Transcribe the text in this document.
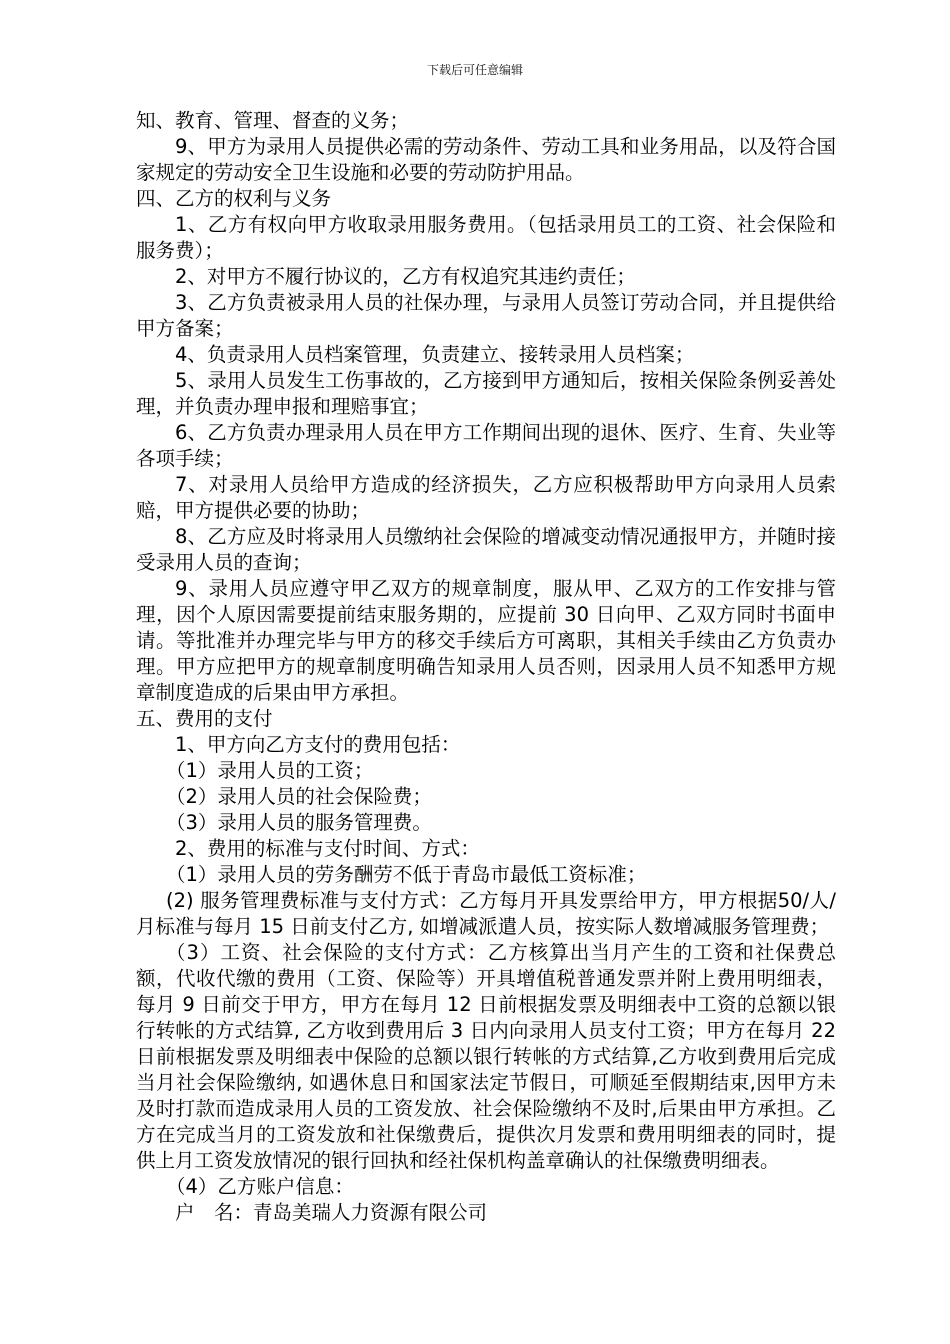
下载后可任意编辑

知、教育、管理、督查的义务；

9、甲方为录用人员提供必需的劳动条件、劳动工具和业务用品，以及符合国家规定的劳动安全卫生设施和必要的劳动防护用品。

四、乙方的权利与义务

1、乙方有权向甲方收取录用服务费用。（包括录用员工的工资、社会保险和服务费）；

2、对甲方不履行协议的，乙方有权追究其违约责任；

3、乙方负责被录用人员的社保办理，与录用人员签订劳动合同，并且提供给甲方备案；

4、负责录用人员档案管理，负责建立、接转录用人员档案；

5、录用人员发生工伤事故的，乙方接到甲方通知后，按相关保险条例妥善处理，并负责办理申报和理赔事宜；

6、乙方负责办理录用人员在甲方工作期间出现的退休、医疗、生育、失业等各项手续；

7、对录用人员给甲方造成的经济损失，乙方应积极帮助甲方向录用人员索赔，甲方提供必要的协助；

8、乙方应及时将录用人员缴纳社会保险的增减变动情况通报甲方，并随时接受录用人员的查询；

9、录用人员应遵守甲乙双方的规章制度，服从甲、乙双方的工作安排与管理，因个人原因需要提前结束服务期的，应提前 30 日向甲、乙双方同时书面申请。等批准并办理完毕与甲方的移交手续后方可离职，其相关手续由乙方负责办理。甲方应把甲方的规章制度明确告知录用人员否则，因录用人员不知悉甲方规章制度造成的后果由甲方承担。

五、费用的支付

1、甲方向乙方支付的费用包括：

（1）录用人员的工资；

（2）录用人员的社会保险费；

（3）录用人员的服务管理费。

2、费用的标准与支付时间、方式：

（1）录用人员的劳务酬劳不低于青岛市最低工资标准；

(2) 服务管理费标准与支付方式：乙方每月开具发票给甲方，甲方根据50/人/月标准与每月 15 日前支付乙方, 如增减派遣人员，按实际人数增减服务管理费；

（3）工资、社会保险的支付方式：乙方核算出当月产生的工资和社保费总额，代收代缴的费用（工资、保险等）开具增值税普通发票并附上费用明细表，每月 9 日前交于甲方，甲方在每月 12 日前根据发票及明细表中工资的总额以银行转帐的方式结算, 乙方收到费用后 3 日内向录用人员支付工资；甲方在每月 22 日前根据发票及明细表中保险的总额以银行转帐的方式结算,乙方收到费用后完成当月社会保险缴纳, 如遇休息日和国家法定节假日，可顺延至假期结束,因甲方未及时打款而造成录用人员的工资发放、社会保险缴纳不及时,后果由甲方承担。乙方在完成当月的工资发放和社保缴费后，提供次月发票和费用明细表的同时，提供上月工资发放情况的银行回执和经社保机构盖章确认的社保缴费明细表。

（4）乙方账户信息：

户　名：青岛美瑞人力资源有限公司
